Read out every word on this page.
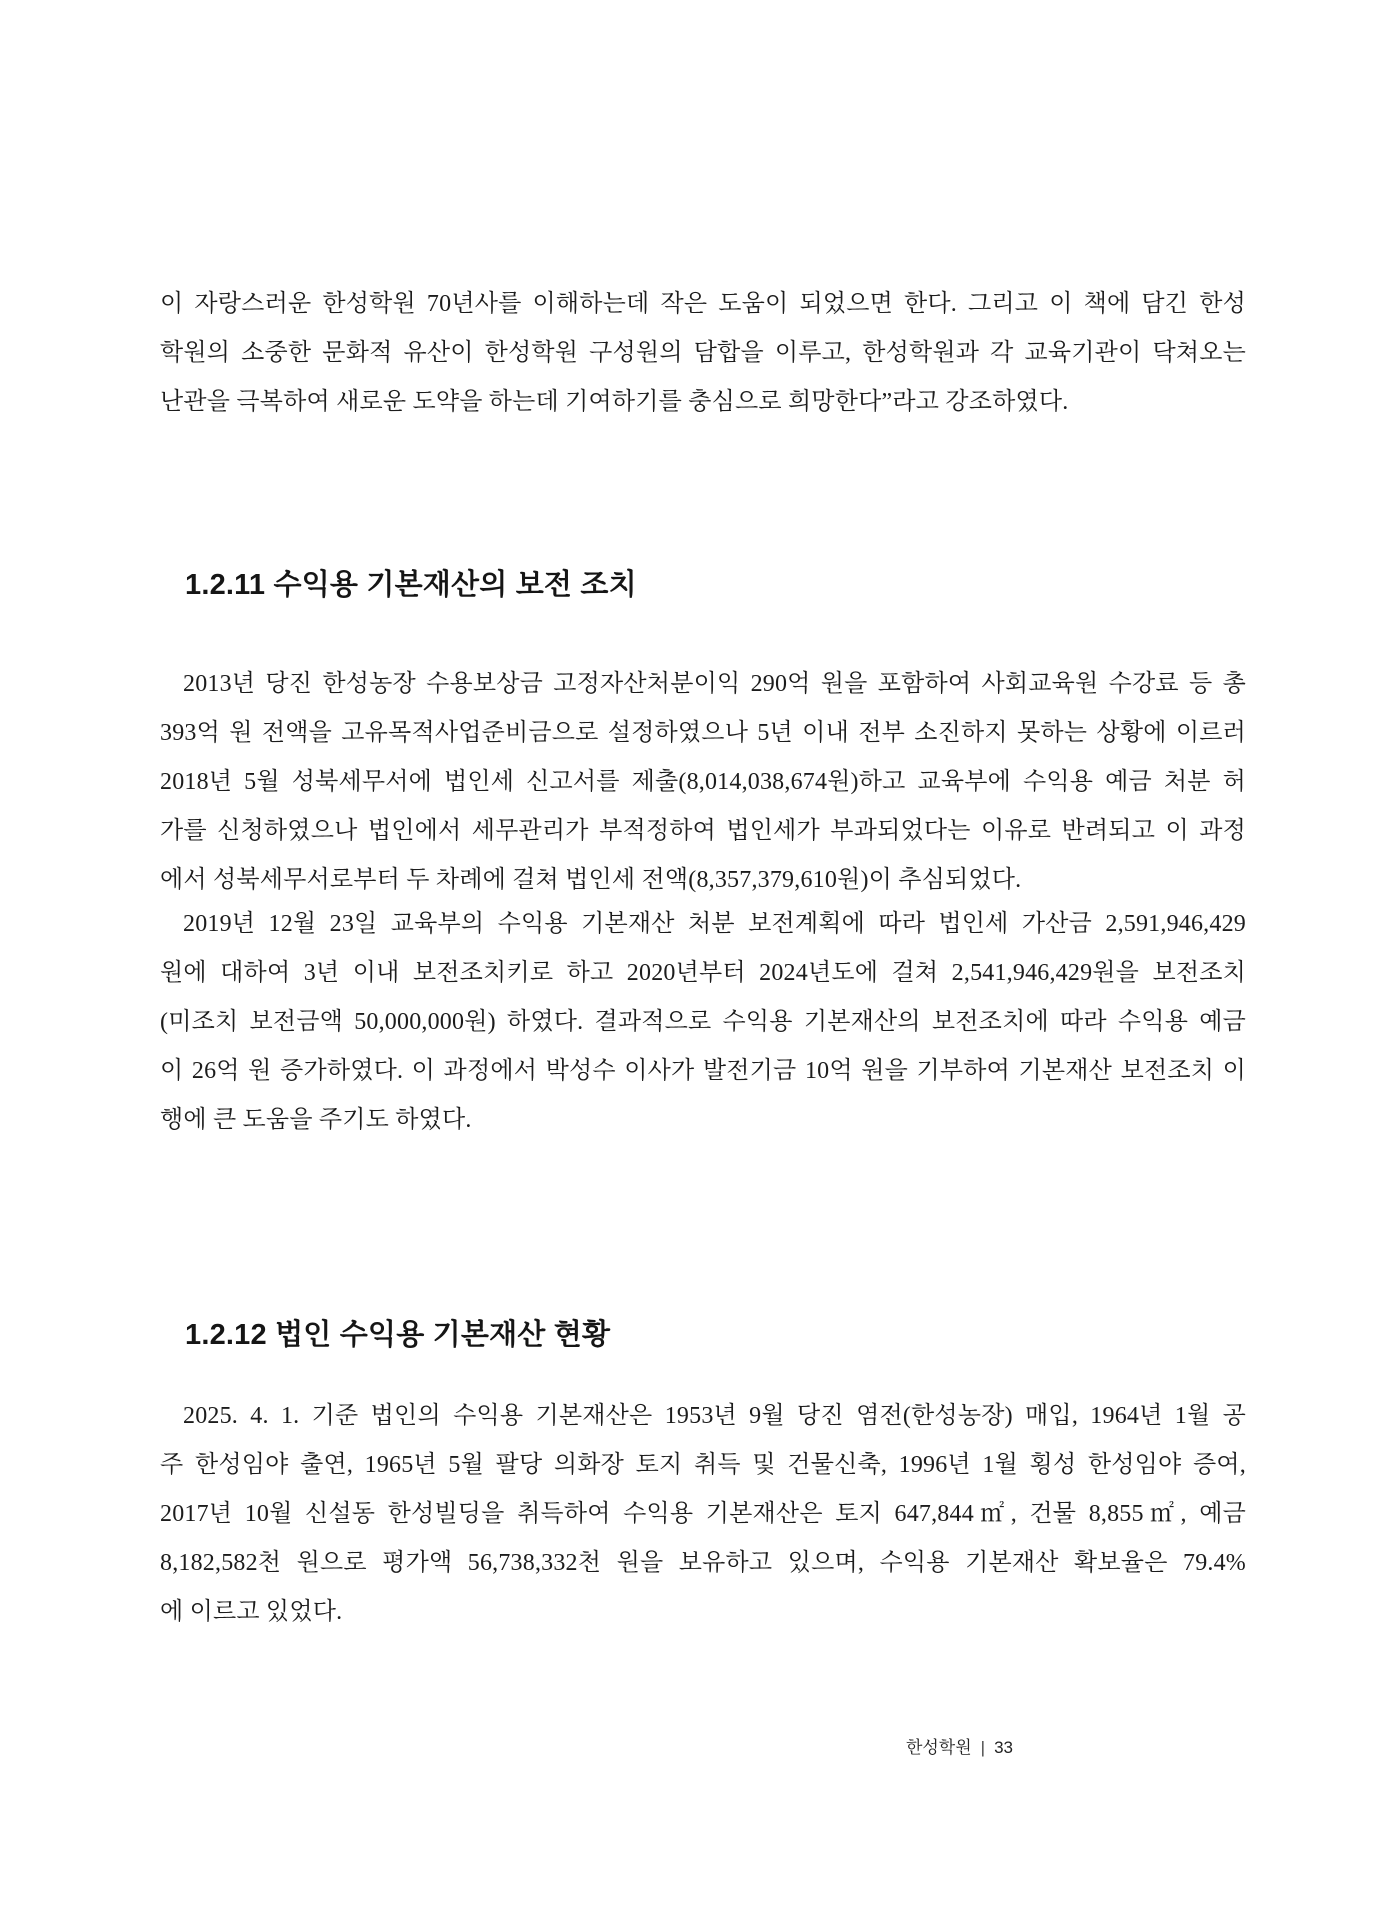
이 자랑스러운 한성학원 70년사를 이해하는데 작은 도움이 되었으면 한다. 그리고 이 책에 담긴 한성
학원의 소중한 문화적 유산이 한성학원 구성원의 담합을 이루고, 한성학원과 각 교육기관이 닥쳐오는
난관을 극복하여 새로운 도약을 하는데 기여하기를 충심으로 희망한다”라고 강조하였다.
1.2.11 수익용 기본재산의 보전 조치
2013년 당진 한성농장 수용보상금 고정자산처분이익 290억 원을 포함하여 사회교육원 수강료 등 총
393억 원 전액을 고유목적사업준비금으로 설정하였으나 5년 이내 전부 소진하지 못하는 상황에 이르러
2018년 5월 성북세무서에 법인세 신고서를 제출(8,014,038,674원)하고 교육부에 수익용 예금 처분 허
가를 신청하였으나 법인에서 세무관리가 부적정하여 법인세가 부과되었다는 이유로 반려되고 이 과정
에서 성북세무서로부터 두 차례에 걸쳐 법인세 전액(8,357,379,610원)이 추심되었다.
2019년 12월 23일 교육부의 수익용 기본재산 처분 보전계획에 따라 법인세 가산금 2,591,946,429
원에 대하여 3년 이내 보전조치키로 하고 2020년부터 2024년도에 걸쳐 2,541,946,429원을 보전조치
(미조치 보전금액 50,000,000원) 하였다. 결과적으로 수익용 기본재산의 보전조치에 따라 수익용 예금
이 26억 원 증가하였다. 이 과정에서 박성수 이사가 발전기금 10억 원을 기부하여 기본재산 보전조치 이
행에 큰 도움을 주기도 하였다.
1.2.12 법인 수익용 기본재산 현황
2025. 4. 1. 기준 법인의 수익용 기본재산은 1953년 9월 당진 염전(한성농장) 매입, 1964년 1월 공
주 한성임야 출연, 1965년 5월 팔당 의화장 토지 취득 및 건물신축, 1996년 1월 횡성 한성임야 증여,
2017년 10월 신설동 한성빌딩을 취득하여 수익용 기본재산은 토지 647,844㎡, 건물 8,855㎡, 예금
8,182,582천 원으로 평가액 56,738,332천 원을 보유하고 있으며, 수익용 기본재산 확보율은 79.4%
에 이르고 있었다.
한성학원 | 33
